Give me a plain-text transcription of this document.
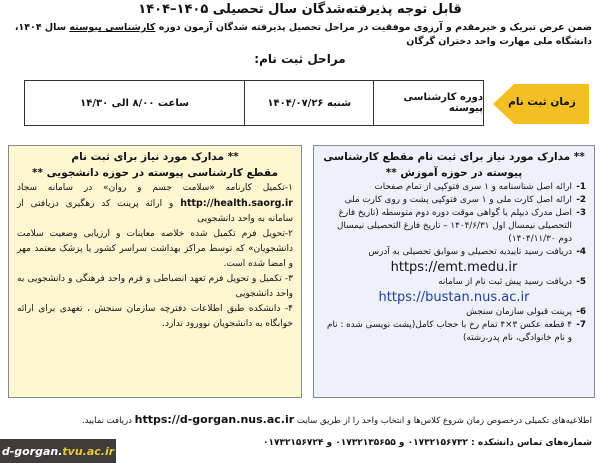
قابل توجه پذیرفته‌شدگان سال تحصیلی ۱۴۰۵–۱۴۰۴
ضمن عرض تبریک و خیرمقدم و آرزوی موفقیت در مراحل تحصیل پذیرفته شدگان آزمون دوره کارشناسی پیوسته سال ۱۴۰۴، دانشگاه ملی مهارت واحد دختران گرگان
مراحل ثبت نام:
زمان ثبت نام
دوره کارشناسی پیوسته
شنبه ۱۴۰۴/۰۷/۲۶
ساعت ۸/۰۰ الی ۱۴/۳۰
** مدارک مورد نیاز برای ثبت نام مقطع کارشناسی
پیوسته در حوزه آموزش **
1-
ارائه اصل شناسنامه و ۱ سری فتوکپی از تمام صفحات
2-
ارائه اصل کارت ملی و ۱ سری فتوکپی پشت و روی کارت ملی
3-
اصل مدرک دیپلم یا گواهی موقت دوره دوم متوسطه (تاریخ فارغ التحصیلی نیمسال اول ۱۴۰۴/۶/۳۱ – تاریخ فارغ التحصیلی نیمسال دوم ۱۴۰۴/۱۱/۳۰)
4-
دریافت رسید تاییدیه تحصیلی و سوابق تحصیلی به آدرس
https://emt.medu.ir
5-
دریافت رسید پیش ثبت نام از سامانه
https://bustan.nus.ac.ir
6-
پرینت قبولی سازمان سنجش
7-
۴ قطعه عکس ۳×۴ تمام رخ با حجاب کامل(پشت نویسی شده : نام و نام خانوادگی، نام پدر،رشته)
** مدارک مورد نیاز برای ثبت نام
مقطع کارشناسی پیوسته در حوزه دانشجویی **

۱-تکمیل کارنامه «سلامت جسم و روان» در سامانه سجاد http://health.saorg.ir و ارائه پرینت کد رهگیری دریافتی از سامانه به واحد دانشجویی

۲-تحویل فرم تکمیل شده خلاصه معاینات و ارزیابی وضعیت سلامت دانشجویان» که توسط مراکز بهداشت سراسر کشور یا پزشک معتمد مهر و امضا شده است.

۳- تکمیل و تحویل فرم تعهد انضباطی و فرم واحد فرهنگی و دانشجویی به واحد دانشجویی

۴- دانشکده طبق اطلاعات دفترچه سازمان سنجش ، تعهدی برای ارائه خوابگاه به دانشجویان نوورود ندارد.

اطلاعیه‌های تکمیلی درخصوص زمان شروع کلاس‌ها و انتخاب واحد را از طریق سایت https://d-gorgan.nus.ac.ir دریافت نمایید.
شماره‌های تماس دانشکده : ۰۱۷۳۲۱۵۶۷۳۲ و ۰۱۷۳۲۱۳۵۶۵۵ و ۰۱۷۳۲۱۵۶۷۲۴
d-gorgan. tvu.ac.ir
